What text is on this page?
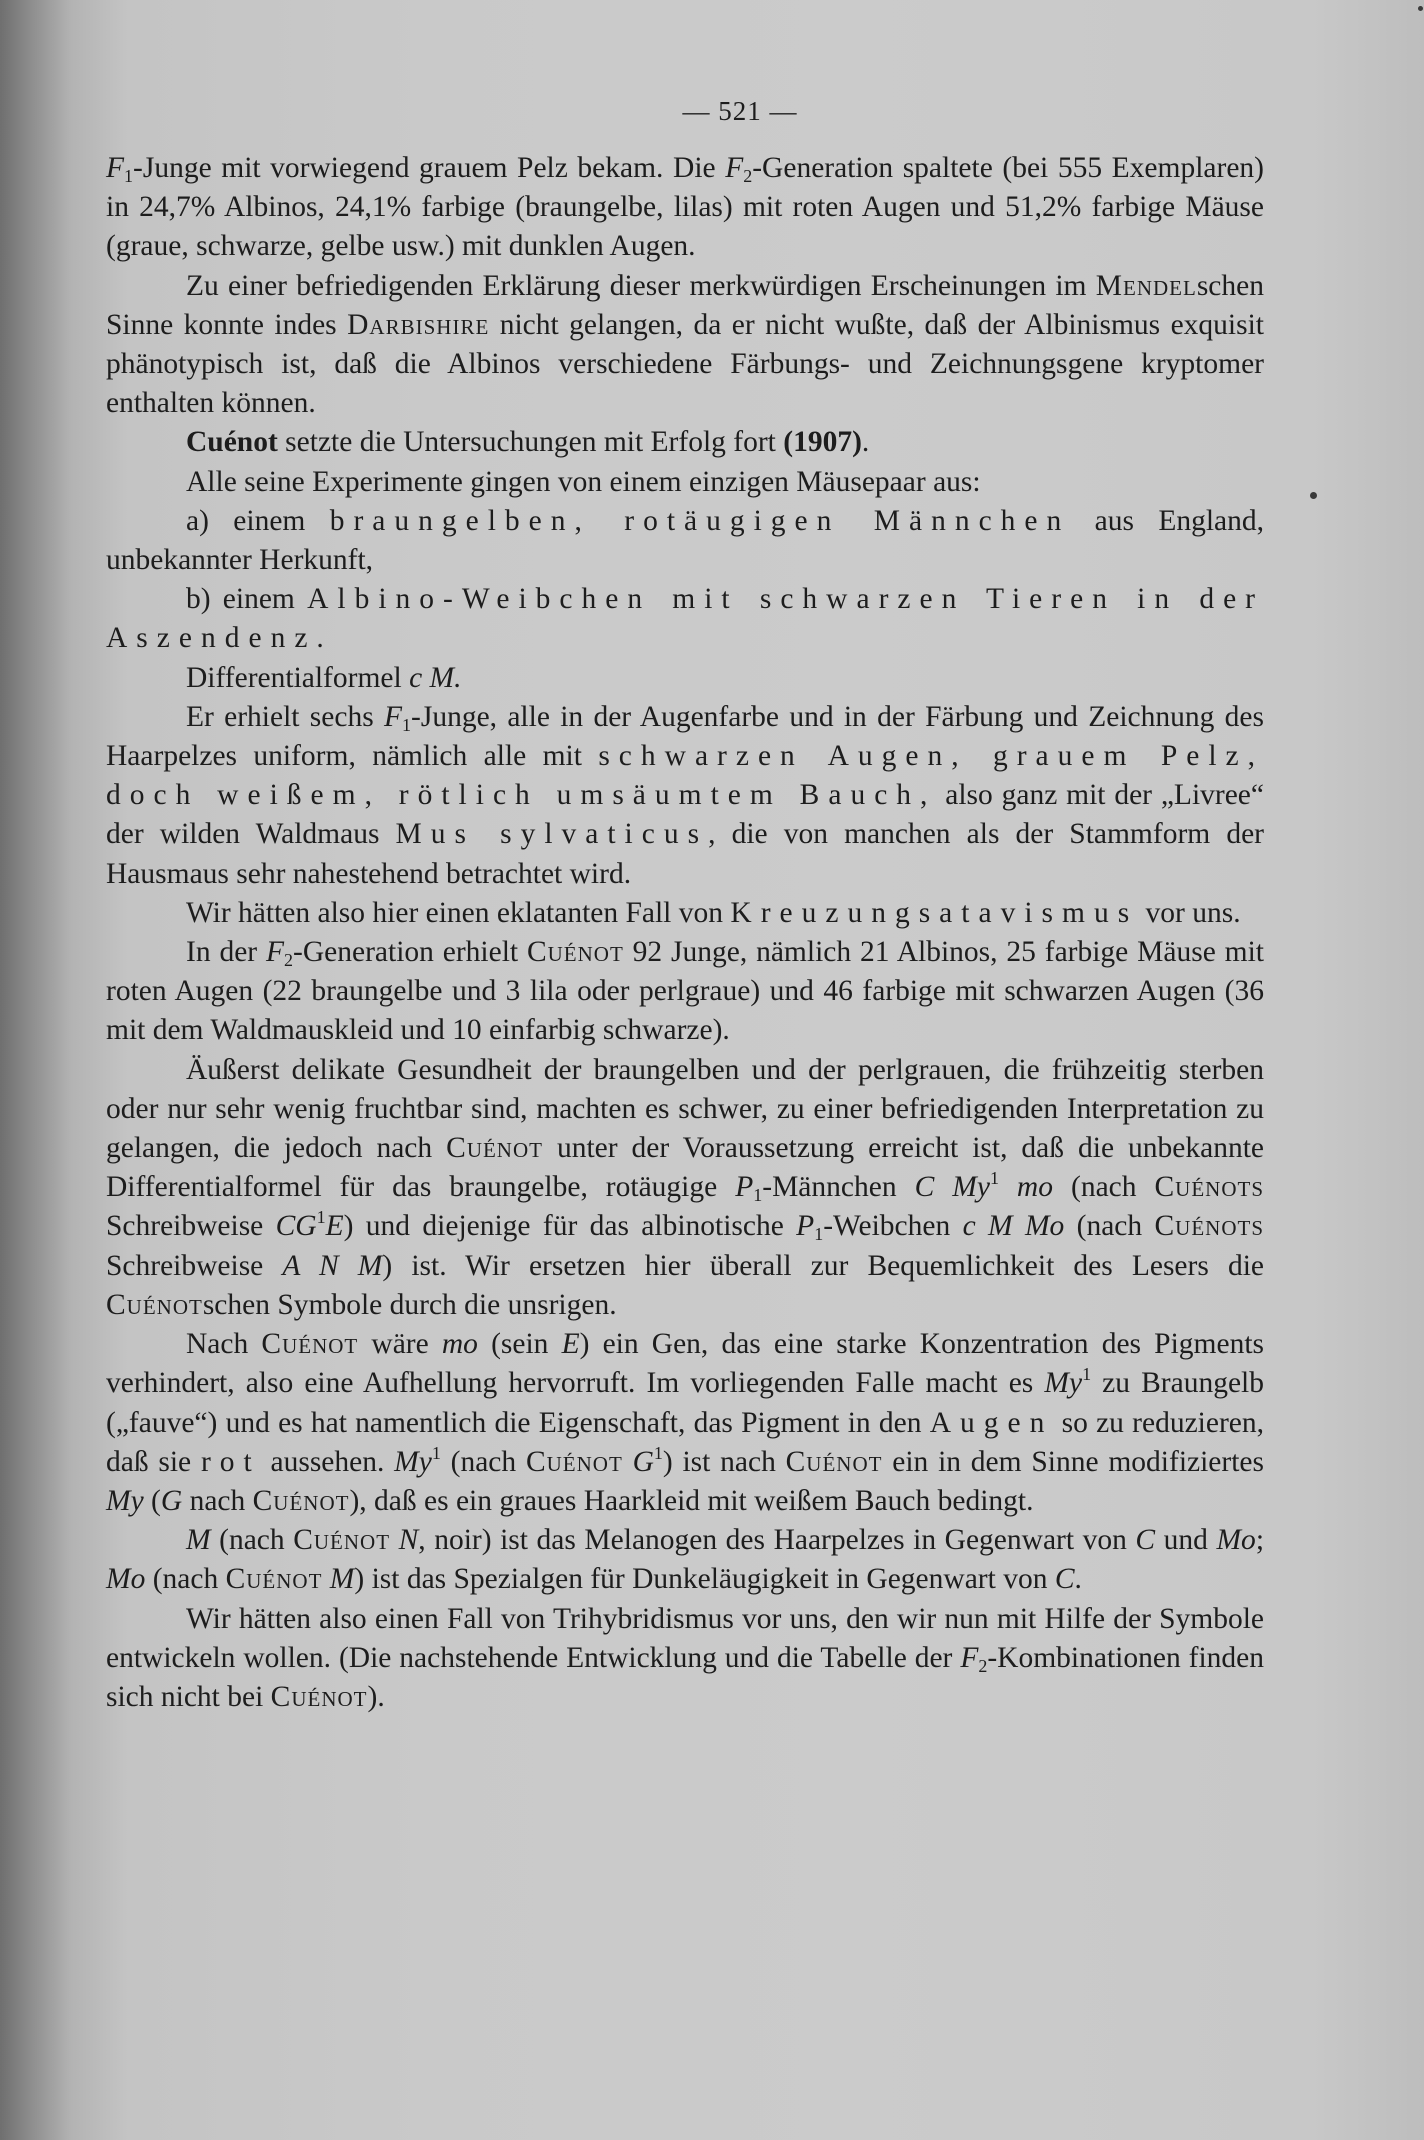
— 521 —

$F_1$-Junge mit vorwiegend grauem Pelz bekam. Die $F_2$-Generation spaltete (bei 555 Exemplaren) in 24,7% Albinos, 24,1% farbige (braungelbe, lilas) mit roten Augen und 51,2% farbige Mäuse (graue, schwarze, gelbe usw.) mit dunklen Augen.

Zu einer befriedigenden Erklärung dieser merkwürdigen Erscheinungen im Mendelschen Sinne konnte indes Darbishire nicht gelangen, da er nicht wußte, daß der Albinismus exquisit phänotypisch ist, daß die Albinos verschiedene Färbungs- und Zeichnungsgene kryptomer enthalten können.

Cuénot setzte die Untersuchungen mit Erfolg fort (1907).

Alle seine Experimente gingen von einem einzigen Mäusepaar aus:

a) einem braungelben, rotäugigen Männchen aus England, unbekannter Herkunft,

b) einem Albino-Weibchen mit schwarzen Tieren in der Aszendenz.

Differentialformel c M.

Er erhielt sechs $F_1$-Junge, alle in der Augenfarbe und in der Färbung und Zeichnung des Haarpelzes uniform, nämlich alle mit schwarzen Augen, grauem Pelz, doch weißem, rötlich umsäumtem Bauch, also ganz mit der „Livree“ der wilden Waldmaus Mus sylvaticus, die von manchen als der Stammform der Hausmaus sehr nahestehend betrachtet wird.

Wir hätten also hier einen eklatanten Fall von Kreuzungsatavismus vor uns.

In der $F_2$-Generation erhielt Cuénot 92 Junge, nämlich 21 Albinos, 25 farbige Mäuse mit roten Augen (22 braungelbe und 3 lila oder perlgraue) und 46 farbige mit schwarzen Augen (36 mit dem Waldmauskleid und 10 einfarbig schwarze).

Äußerst delikate Gesundheit der braungelben und der perlgrauen, die frühzeitig sterben oder nur sehr wenig fruchtbar sind, machten es schwer, zu einer befriedigenden Interpretation zu gelangen, die jedoch nach Cuénot unter der Voraussetzung erreicht ist, daß die unbekannte Differentialformel für das braungelbe, rotäugige $P_1$-Männchen C My$^1$ mo (nach Cuénots Schreibweise $CG^1E$) und diejenige für das albinotische $P_1$-Weibchen c M Mo (nach Cuénots Schreibweise A N M) ist. Wir ersetzen hier überall zur Bequemlichkeit des Lesers die Cuénotschen Symbole durch die unsrigen.

Nach Cuénot wäre mo (sein E) ein Gen, das eine starke Konzentration des Pigments verhindert, also eine Aufhellung hervorruft. Im vorliegenden Falle macht es My$^1$ zu Braungelb („fauve“) und es hat namentlich die Eigenschaft, das Pigment in den Augen so zu reduzieren, daß sie rot aussehen. My$^1$ (nach Cuénot $G^1$) ist nach Cuénot ein in dem Sinne modifiziertes My (G nach Cuénot), daß es ein graues Haarkleid mit weißem Bauch bedingt.

M (nach Cuénot N, noir) ist das Melanogen des Haarpelzes in Gegenwart von C und Mo; Mo (nach Cuénot M) ist das Spezialgen für Dunkeläugigkeit in Gegenwart von C.

Wir hätten also einen Fall von Trihybridismus vor uns, den wir nun mit Hilfe der Symbole entwickeln wollen. (Die nachstehende Entwicklung und die Tabelle der $F_2$-Kombinationen finden sich nicht bei Cuénot).
